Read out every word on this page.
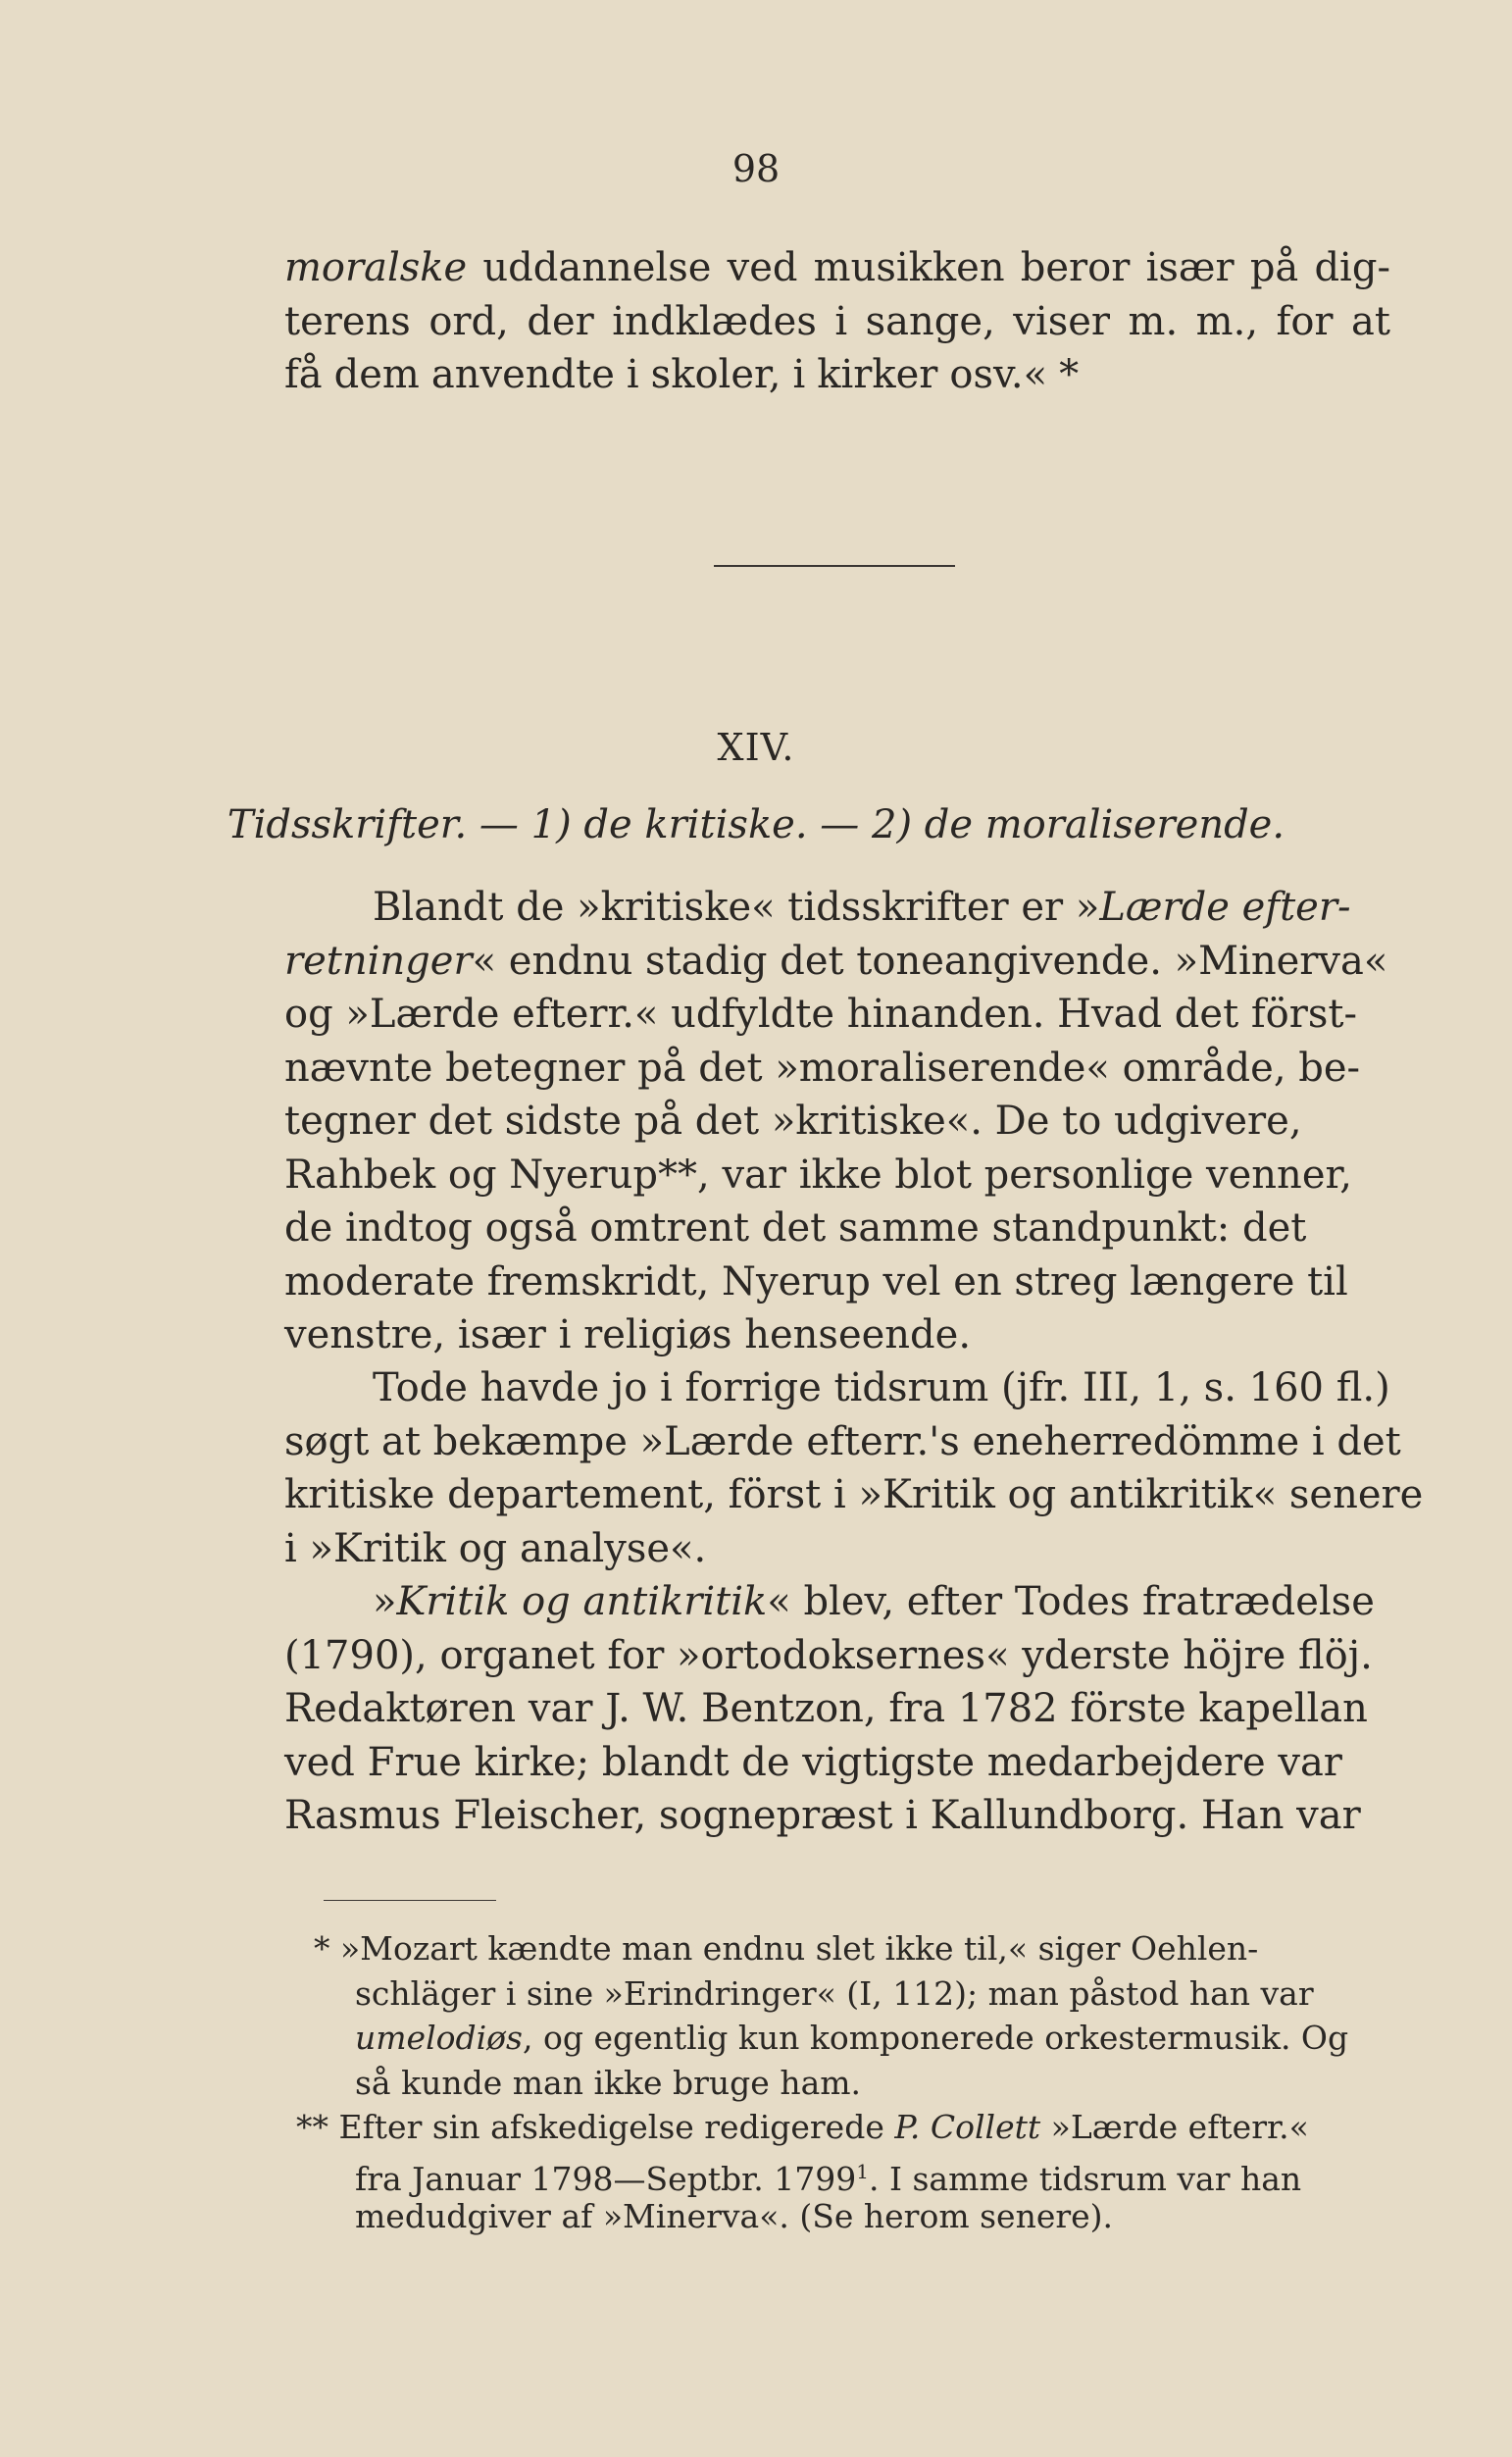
98
moralske uddannelse ved musikken beror især på dig-
terens ord, der indklædes i sange, viser m. m., for at
få dem anvendte i skoler, i kirker osv.« *
XIV.
Tidsskrifter. — 1) de kritiske. — 2) de moraliserende.
Blandt de »kritiske« tidsskrifter er »Lærde efter-
retninger« endnu stadig det toneangivende. »Minerva«
og »Lærde efterr.« udfyldte hinanden. Hvad det först-
nævnte betegner på det »moraliserende« område, be-
tegner det sidste på det »kritiske«. De to udgivere,
Rahbek og Nyerup**, var ikke blot personlige venner,
de indtog også omtrent det samme standpunkt: det
moderate fremskridt, Nyerup vel en streg længere til
venstre, især i religiøs henseende.
Tode havde jo i forrige tidsrum (jfr. III, 1, s. 160 fl.)
søgt at bekæmpe »Lærde efterr.'s eneherredömme i det
kritiske departement, först i »Kritik og antikritik« senere
i »Kritik og analyse«.
»Kritik og antikritik« blev, efter Todes fratrædelse
(1790), organet for »ortodoksernes« yderste höjre flöj.
Redaktøren var J. W. Bentzon, fra 1782 förste kapellan
ved Frue kirke; blandt de vigtigste medarbejdere var
Rasmus Fleischer, sognepræst i Kallundborg. Han var
* »Mozart kændte man endnu slet ikke til,« siger Oehlen-
schläger i sine »Erindringer« (I, 112); man påstod han var
umelodiøs, og egentlig kun komponerede orkestermusik. Og
så kunde man ikke bruge ham.
** Efter sin afskedigelse redigerede P. Collett »Lærde efterr.«
fra Januar 1798—Septbr. 1799$^1$. I samme tidsrum var han
medudgiver af »Minerva«. (Se herom senere).
